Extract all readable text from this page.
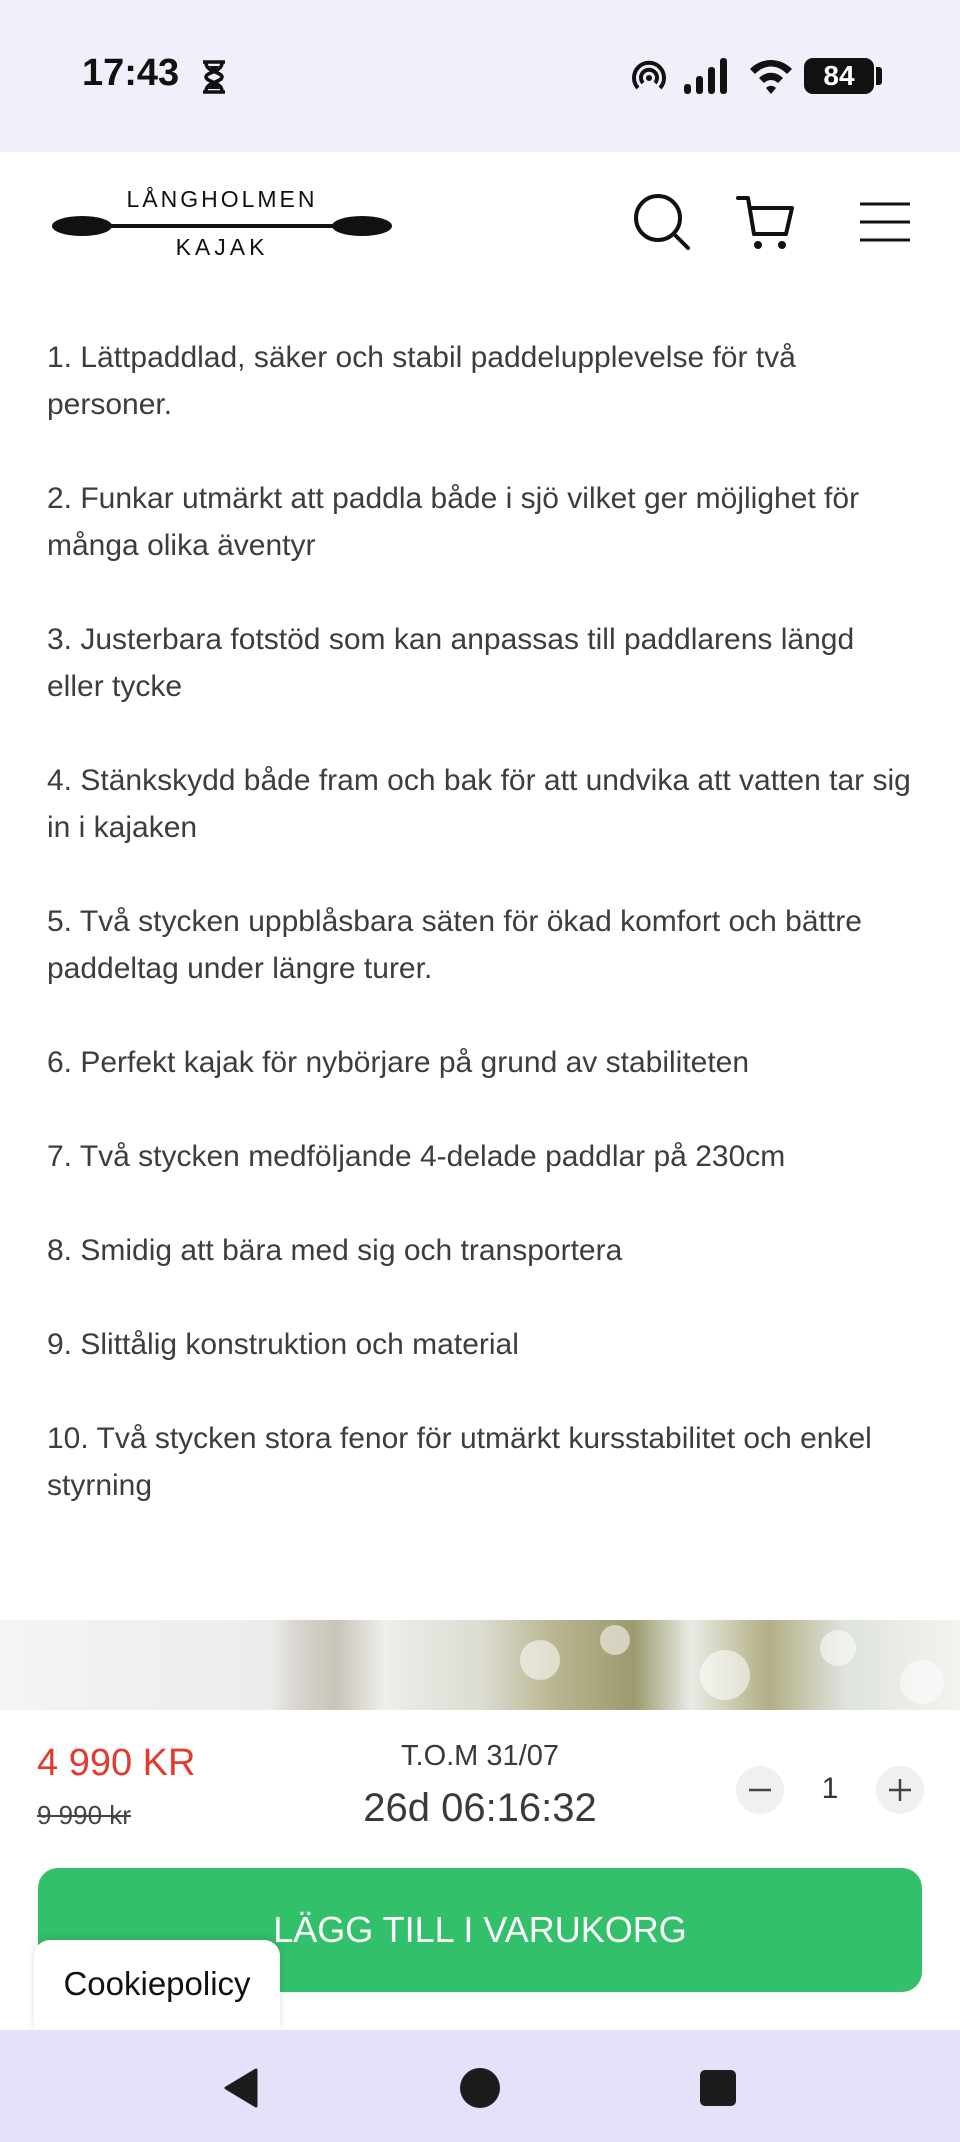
17:43	84
LÅNGHOLMEN
KAJAK

1. Lättpaddlad, säker och stabil paddelupplevelse för två personer.

2. Funkar utmärkt att paddla både i sjö vilket ger möjlighet för många olika äventyr

3. Justerbara fotstöd som kan anpassas till paddlarens längd eller tycke

4. Stänkskydd både fram och bak för att undvika att vatten tar sig in i kajaken

5. Två stycken uppblåsbara säten för ökad komfort och bättre paddeltag under längre turer.

6. Perfekt kajak för nybörjare på grund av stabiliteten

7. Två stycken medföljande 4-delade paddlar på 230cm

8. Smidig att bära med sig och transportera

9. Slittålig konstruktion och material

10. Två stycken stora fenor för utmärkt kursstabilitet och enkel styrning

4 990 KR
9 990 kr
T.O.M 31/07
26d 06:16:32	1
LÄGG TILL I VARUKORG
Cookiepolicy
